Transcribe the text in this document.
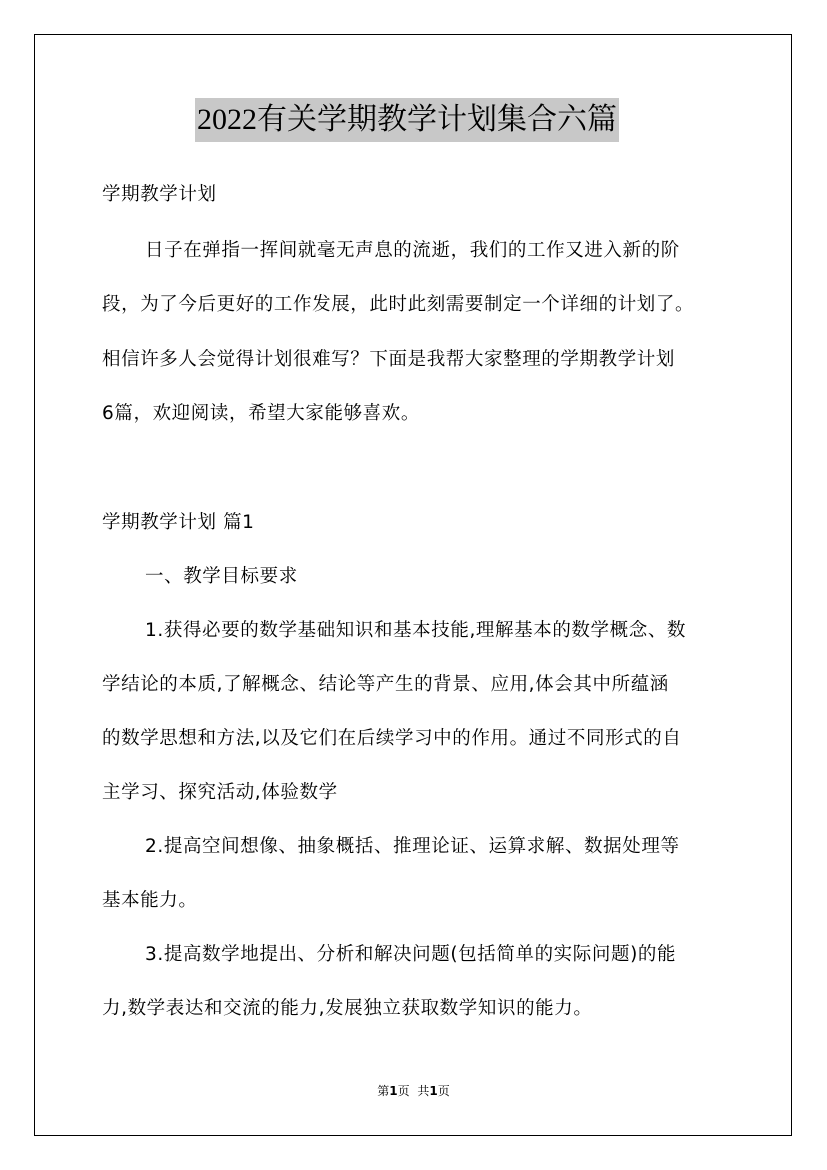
2022有关学期教学计划集合六篇
学期教学计划
日子在弹指一挥间就毫无声息的流逝，我们的工作又进入新的阶
段，为了今后更好的工作发展，此时此刻需要制定一个详细的计划了。
相信许多人会觉得计划很难写？下面是我帮大家整理的学期教学计划
6篇，欢迎阅读，希望大家能够喜欢。
学期教学计划 篇1
一、教学目标要求
1.获得必要的数学基础知识和基本技能,理解基本的数学概念、数
学结论的本质,了解概念、结论等产生的背景、应用,体会其中所蕴涵
的数学思想和方法,以及它们在后续学习中的作用。通过不同形式的自
主学习、探究活动,体验数学
2.提高空间想像、抽象概括、推理论证、运算求解、数据处理等
基本能力。
3.提高数学地提出、分析和解决问题(包括简单的实际问题)的能
力,数学表达和交流的能力,发展独立获取数学知识的能力。
第1页 共1页
